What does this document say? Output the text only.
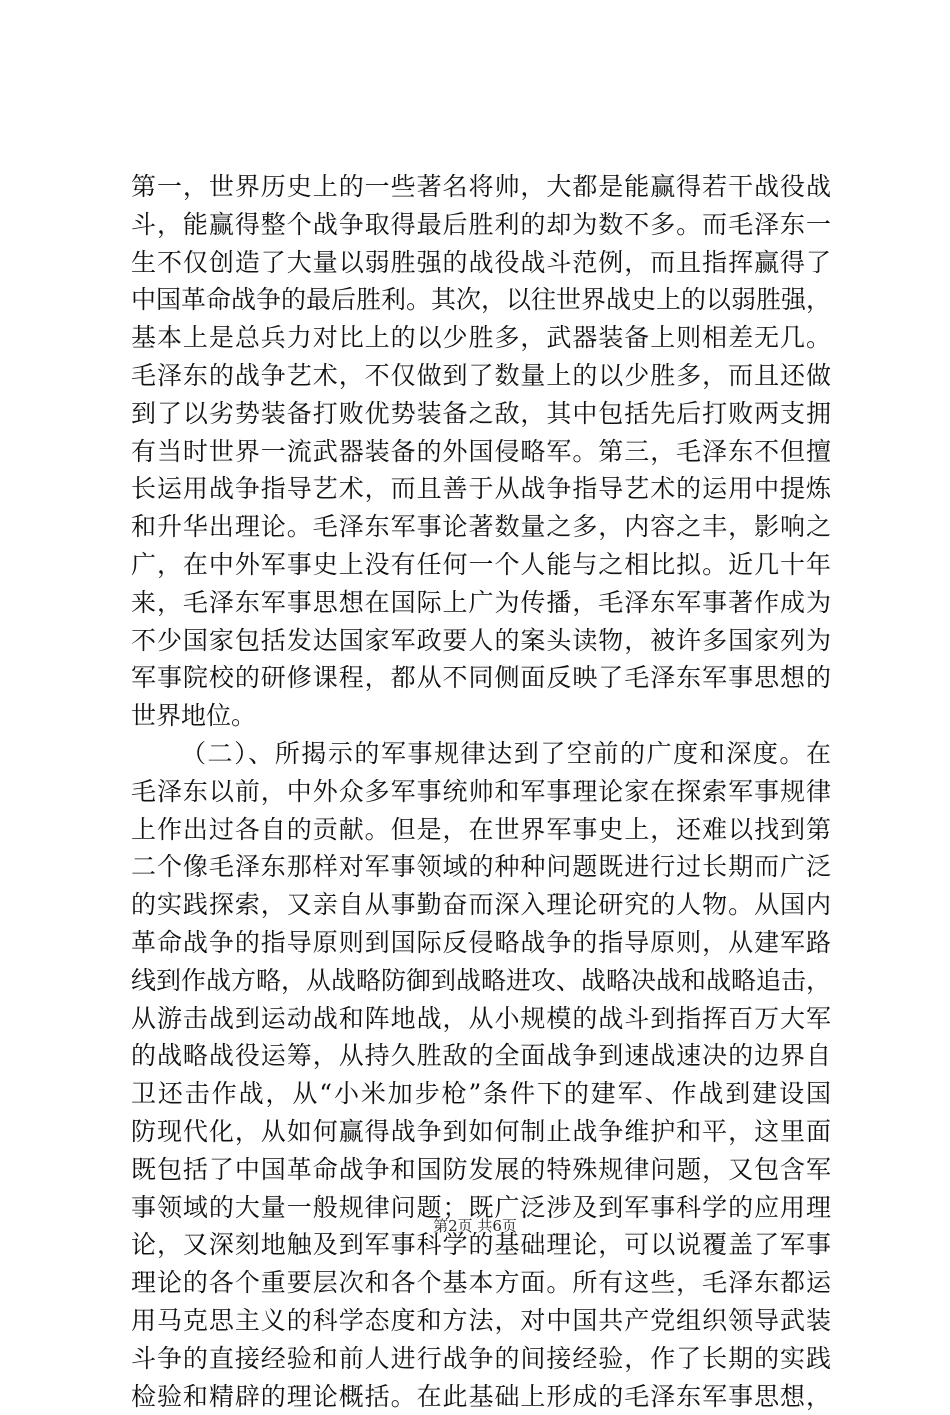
第一，世界历史上的一些著名将帅，大都是能赢得若干战役战
斗，能赢得整个战争取得最后胜利的却为数不多。而毛泽东一
生不仅创造了大量以弱胜强的战役战斗范例，而且指挥赢得了
中国革命战争的最后胜利。其次，以往世界战史上的以弱胜强，
基本上是总兵力对比上的以少胜多，武器装备上则相差无几。
毛泽东的战争艺术，不仅做到了数量上的以少胜多，而且还做
到了以劣势装备打败优势装备之敌，其中包括先后打败两支拥
有当时世界一流武器装备的外国侵略军。第三，毛泽东不但擅
长运用战争指导艺术，而且善于从战争指导艺术的运用中提炼
和升华出理论。毛泽东军事论著数量之多，内容之丰，影响之
广，在中外军事史上没有任何一个人能与之相比拟。近几十年
来，毛泽东军事思想在国际上广为传播，毛泽东军事著作成为
不少国家包括发达国家军政要人的案头读物，被许多国家列为
军事院校的研修课程，都从不同侧面反映了毛泽东军事思想的
世界地位。
（二）、所揭示的军事规律达到了空前的广度和深度。在
毛泽东以前，中外众多军事统帅和军事理论家在探索军事规律
上作出过各自的贡献。但是，在世界军事史上，还难以找到第
二个像毛泽东那样对军事领域的种种问题既进行过长期而广泛
的实践探索，又亲自从事勤奋而深入理论研究的人物。从国内
革命战争的指导原则到国际反侵略战争的指导原则，从建军路
线到作战方略，从战略防御到战略进攻、战略决战和战略追击，
从游击战到运动战和阵地战，从小规模的战斗到指挥百万大军
的战略战役运筹，从持久胜敌的全面战争到速战速决的边界自
卫还击作战，从“小米加步枪”条件下的建军、作战到建设国
防现代化，从如何赢得战争到如何制止战争维护和平，这里面
既包括了中国革命战争和国防发展的特殊规律问题，又包含军
事领域的大量一般规律问题；既广泛涉及到军事科学的应用理
论，又深刻地触及到军事科学的基础理论，可以说覆盖了军事
理论的各个重要层次和各个基本方面。所有这些，毛泽东都运
用马克思主义的科学态度和方法，对中国共产党组织领导武装
斗争的直接经验和前人进行战争的间接经验，作了长期的实践
检验和精辟的理论概括。在此基础上形成的毛泽东军事思想，
第2页 共6页
